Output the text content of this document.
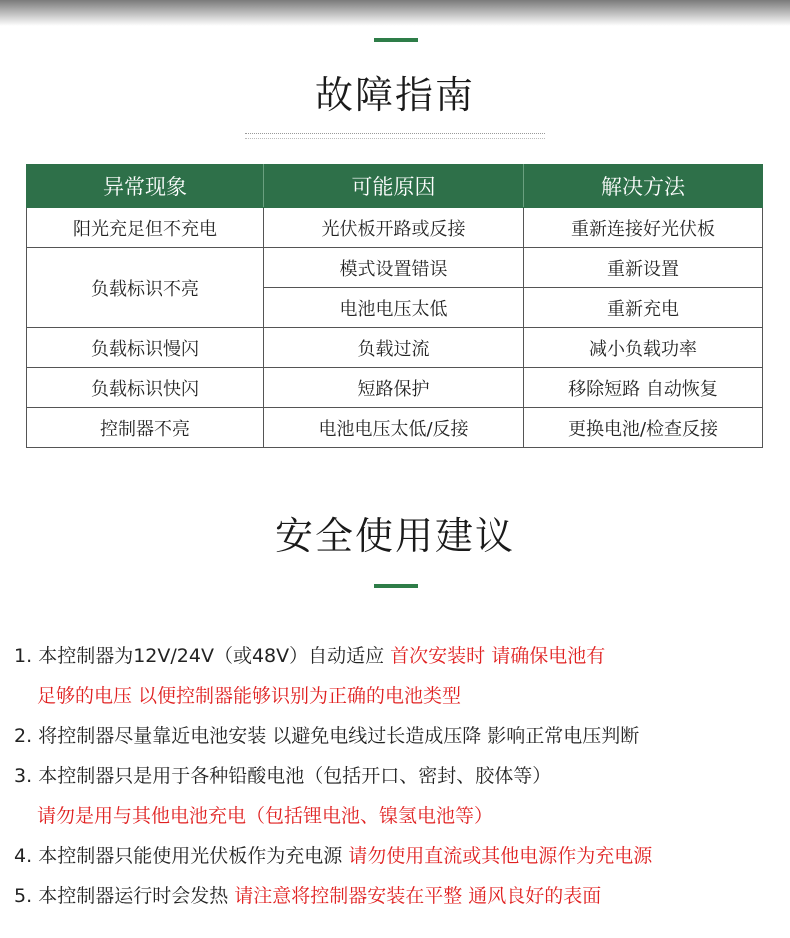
故障指南
异常现象	可能原因	解决方法
阳光充足但不充电	光伏板开路或反接	重新连接好光伏板
负载标识不亮	模式设置错误	重新设置
	电池电压太低	重新充电
负载标识慢闪	负载过流	减小负载功率
负载标识快闪	短路保护	移除短路 自动恢复
控制器不亮	电池电压太低/反接	更换电池/检查反接
安全使用建议
1. 本控制器为12V/24V（或48V）自动适应 首次安装时 请确保电池有
足够的电压 以便控制器能够识别为正确的电池类型
2. 将控制器尽量靠近电池安装 以避免电线过长造成压降 影响正常电压判断
3. 本控制器只是用于各种铅酸电池（包括开口、密封、胶体等）
请勿是用与其他电池充电（包括锂电池、镍氢电池等）
4. 本控制器只能使用光伏板作为充电源 请勿使用直流或其他电源作为充电源
5. 本控制器运行时会发热 请注意将控制器安装在平整 通风良好的表面
